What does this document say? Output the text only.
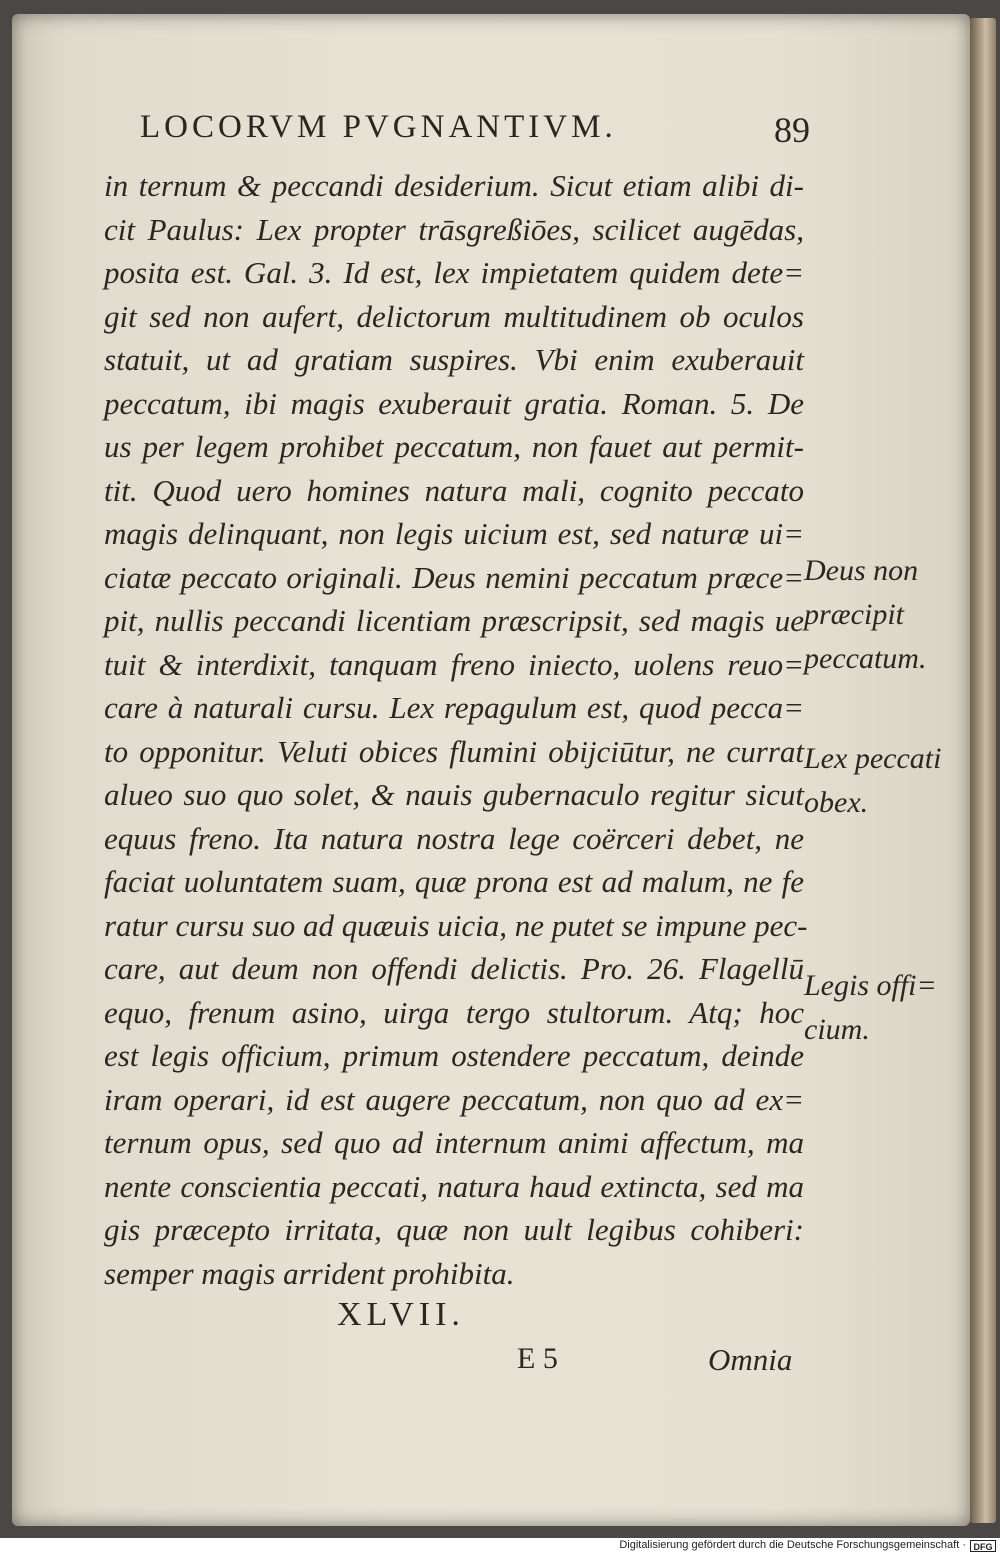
LOCORVM PVGNANTIVM.	89
in ternum & peccandi desiderium. Sicut etiam alibi di-
cit Paulus: Lex propter trāsgreßiōes, scilicet augēdas,
posita est. Gal. 3. Id est, lex impietatem quidem dete=
git sed non aufert, delictorum multitudinem ob oculos
statuit, ut ad gratiam suspires. Vbi enim exuberauit
peccatum, ibi magis exuberauit gratia. Roman. 5. De
us per legem prohibet peccatum, non fauet aut permit-
tit. Quod uero homines natura mali, cognito peccato
magis delinquant, non legis uicium est, sed naturæ ui=
ciatæ peccato originali. Deus nemini peccatum præce=
pit, nullis peccandi licentiam præscripsit, sed magis ue
tuit & interdixit, tanquam freno iniecto, uolens reuo=
care à naturali cursu. Lex repagulum est, quod pecca=
to opponitur. Veluti obices flumini obijciūtur, ne currat
alueo suo quo solet, & nauis gubernaculo regitur sicut
equus freno. Ita natura nostra lege coërceri debet, ne
faciat uoluntatem suam, quæ prona est ad malum, ne fe
ratur cursu suo ad quæuis uicia, ne putet se impune pec-
care, aut deum non offendi delictis. Pro. 26. Flagellū
equo, frenum asino, uirga tergo stultorum. Atq; hoc
est legis officium, primum ostendere peccatum, deinde
iram operari, id est augere peccatum, non quo ad ex=
ternum opus, sed quo ad internum animi affectum, ma
nente conscientia peccati, natura haud extincta, sed ma
gis præcepto irritata, quæ non uult legibus cohiberi:
semper magis arrident prohibita.
Deus non
præcipit
peccatum.
Lex peccati
obex.
Legis offi=
cium.
XLVII.
E 5	Omnia
Digitalisierung gefördert durch die Deutsche Forschungsgemeinschaft · DFG
